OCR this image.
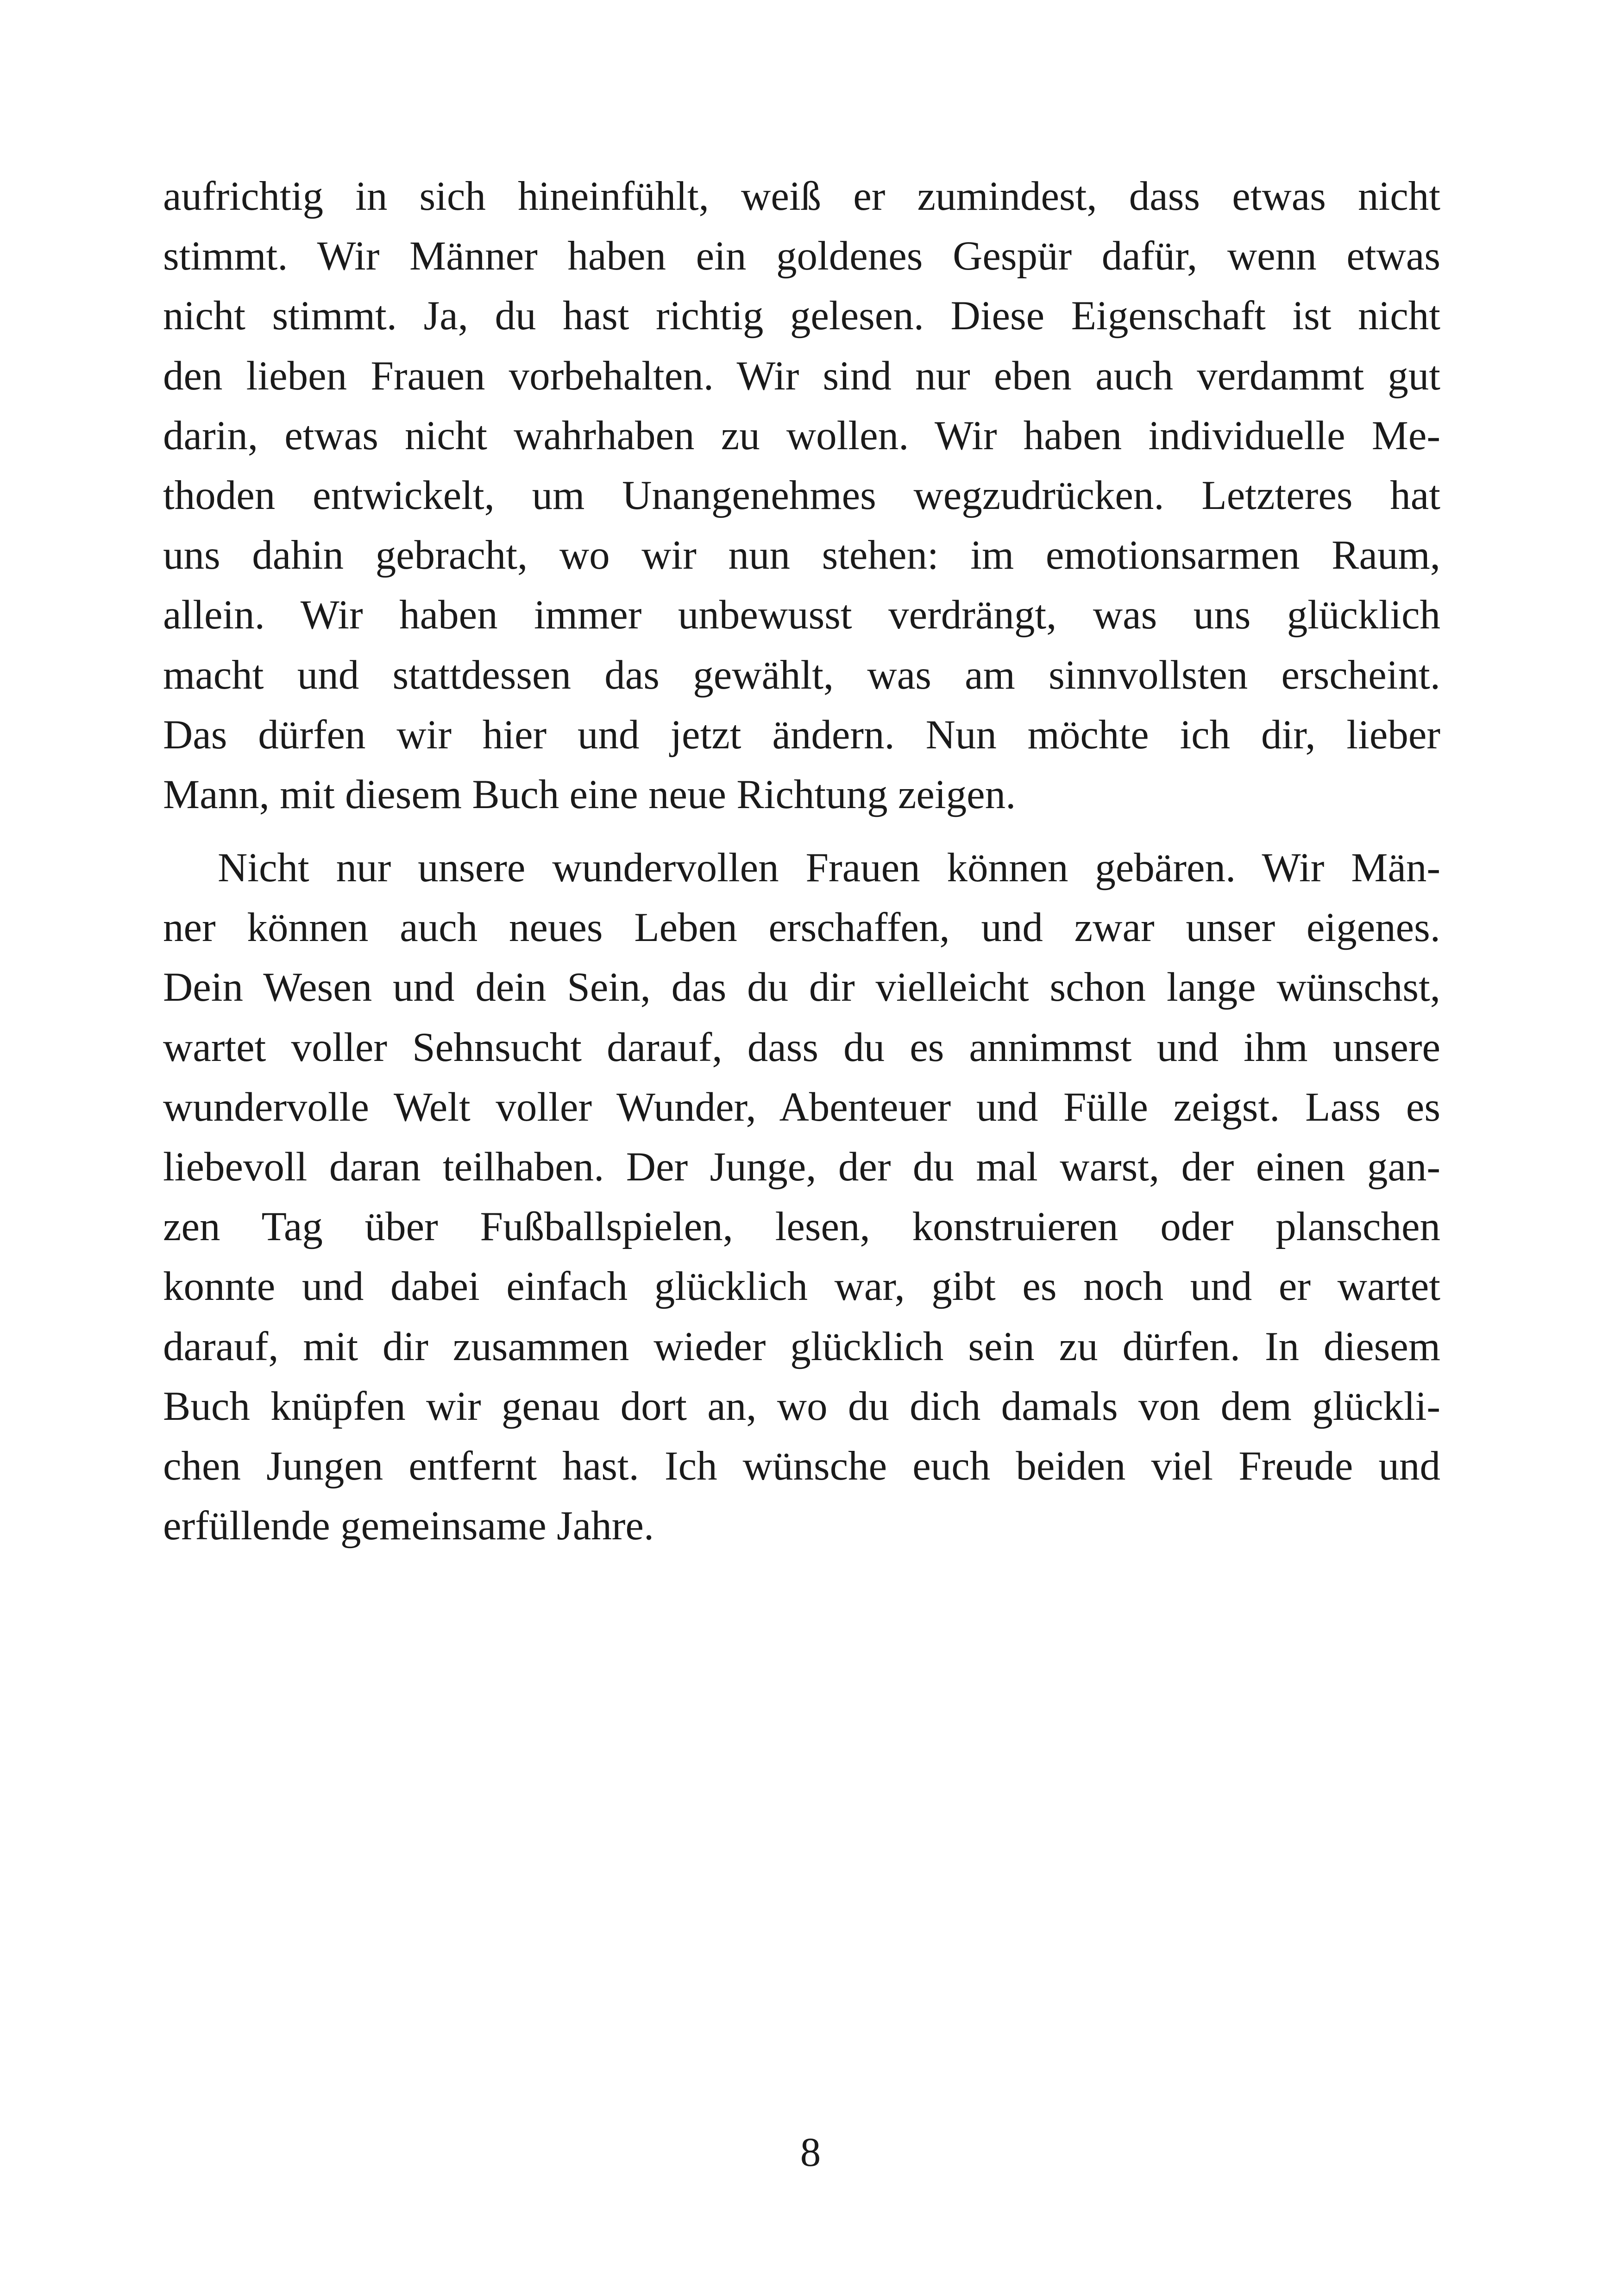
aufrichtig in sich hineinfühlt, weiß er zumindest, dass etwas nicht
stimmt. Wir Männer haben ein goldenes Gespür dafür, wenn etwas
nicht stimmt. Ja, du hast richtig gelesen. Diese Eigenschaft ist nicht
den lieben Frauen vorbehalten. Wir sind nur eben auch verdammt gut
darin, etwas nicht wahrhaben zu wollen. Wir haben individuelle Me-
thoden entwickelt, um Unangenehmes wegzudrücken. Letzteres hat
uns dahin gebracht, wo wir nun stehen: im emotionsarmen Raum,
allein. Wir haben immer unbewusst verdrängt, was uns glücklich
macht und stattdessen das gewählt, was am sinnvollsten erscheint.
Das dürfen wir hier und jetzt ändern. Nun möchte ich dir, lieber
Mann, mit diesem Buch eine neue Richtung zeigen.

Nicht nur unsere wundervollen Frauen können gebären. Wir Män-
ner können auch neues Leben erschaffen, und zwar unser eigenes.
Dein Wesen und dein Sein, das du dir vielleicht schon lange wünschst,
wartet voller Sehnsucht darauf, dass du es annimmst und ihm unsere
wundervolle Welt voller Wunder, Abenteuer und Fülle zeigst. Lass es
liebevoll daran teilhaben. Der Junge, der du mal warst, der einen gan-
zen Tag über Fußballspielen, lesen, konstruieren oder planschen
konnte und dabei einfach glücklich war, gibt es noch und er wartet
darauf, mit dir zusammen wieder glücklich sein zu dürfen. In diesem
Buch knüpfen wir genau dort an, wo du dich damals von dem glückli-
chen Jungen entfernt hast. Ich wünsche euch beiden viel Freude und
erfüllende gemeinsame Jahre.

8
